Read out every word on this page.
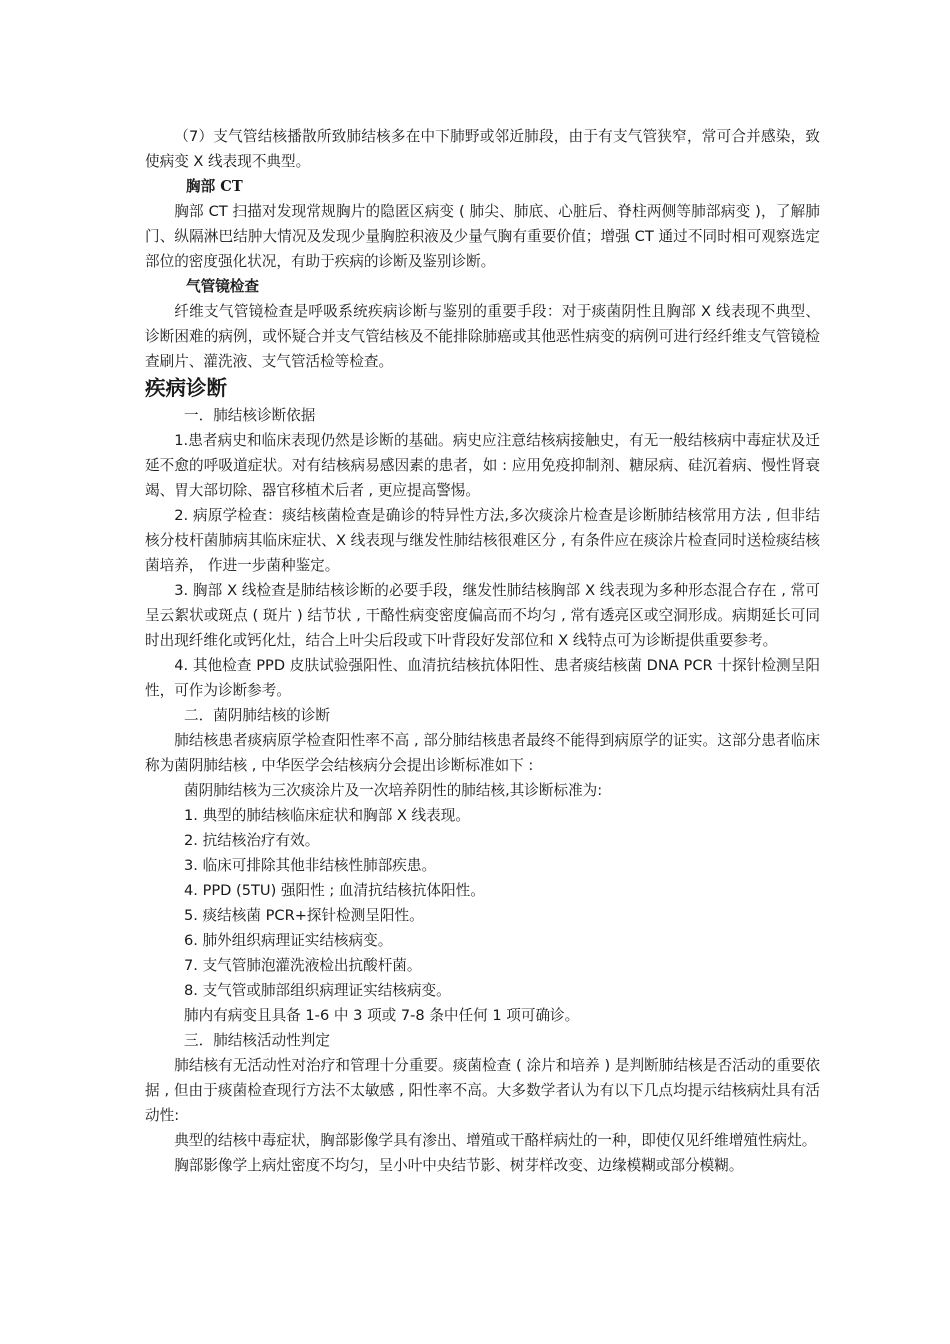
（7）支气管结核播散所致肺结核多在中下肺野或邻近肺段，由于有支气管狭窄，常可合并感染，致使病变 X 线表现不典型。

胸部 CT

胸部 CT 扫描对发现常规胸片的隐匿区病变 ( 肺尖、肺底、心脏后、脊柱两侧等肺部病变 )，了解肺门、纵隔淋巴结肿大情况及发现少量胸腔积液及少量气胸有重要价值；增强 CT 通过不同时相可观察选定部位的密度强化状况，有助于疾病的诊断及鉴别诊断。

气管镜检查

纤维支气管镜检查是呼吸系统疾病诊断与鉴别的重要手段：对于痰菌阴性且胸部 X 线表现不典型、诊断困难的病例，或怀疑合并支气管结核及不能排除肺癌或其他恶性病变的病例可进行经纤维支气管镜检查刷片、灌洗液、支气管活检等检查。

疾病诊断

一．肺结核诊断依据

1.患者病史和临床表现仍然是诊断的基础。病史应注意结核病接触史，有无一般结核病中毒症状及迁延不愈的呼吸道症状。对有结核病易感因素的患者，如 : 应用免疫抑制剂、糖尿病、硅沉着病、慢性肾衰竭、胃大部切除、器官移植术后者 , 更应提高警惕。

2. 病原学检查：痰结核菌检查是确诊的特异性方法,多次痰涂片检查是诊断肺结核常用方法 , 但非结核分枝杆菌肺病其临床症状、X 线表现与继发性肺结核很难区分 , 有条件应在痰涂片检查同时送检痰结核菌培养， 作进一步菌种鉴定。

3. 胸部 X 线检查是肺结核诊断的必要手段，继发性肺结核胸部 X 线表现为多种形态混合存在 , 常可呈云絮状或斑点 ( 斑片 ) 结节状 , 干酪性病变密度偏高而不均匀 , 常有透亮区或空洞形成。病期延长可同时出现纤维化或钙化灶，结合上叶尖后段或下叶背段好发部位和 X 线特点可为诊断提供重要参考。

4. 其他检查 PPD 皮肤试验强阳性、血清抗结核抗体阳性、患者痰结核菌 DNA PCR 十探针检测呈阳性，可作为诊断参考。

二．菌阴肺结核的诊断

肺结核患者痰病原学检查阳性率不高 , 部分肺结核患者最终不能得到病原学的证实。这部分患者临床称为菌阴肺结核 , 中华医学会结核病分会提出诊断标准如下 :

菌阴肺结核为三次痰涂片及一次培养阴性的肺结核,其诊断标准为:

1. 典型的肺结核临床症状和胸部 X 线表现。

2. 抗结核治疗有效。

3. 临床可排除其他非结核性肺部疾患。

4. PPD (5TU) 强阳性 ; 血清抗结核抗体阳性。

5. 痰结核菌 PCR+探针检测呈阳性。

6. 肺外组织病理证实结核病变。

7. 支气管肺泡灌洗液检出抗酸杆菌。

8. 支气管或肺部组织病理证实结核病变。

肺内有病变且具备 1-6 中 3 项或 7-8 条中任何 1 项可确诊。

三．肺结核活动性判定

肺结核有无活动性对治疗和管理十分重要。痰菌检查 ( 涂片和培养 ) 是判断肺结核是否活动的重要依据 , 但由于痰菌检查现行方法不太敏感 , 阳性率不高。大多数学者认为有以下几点均提示结核病灶具有活动性:

典型的结核中毒症状，胸部影像学具有渗出、增殖或干酪样病灶的一种，即使仅见纤维增殖性病灶。

胸部影像学上病灶密度不均匀，呈小叶中央结节影、树芽样改变、边缘模糊或部分模糊。
